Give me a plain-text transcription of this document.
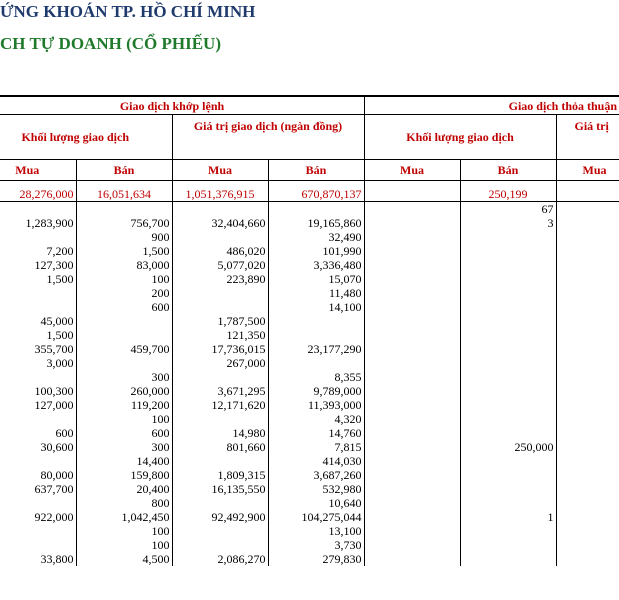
ỨNG KHOÁN TP. HỒ CHÍ MINH
CH TỰ DOANH (CỔ PHIẾU)
	Giao dịch khớp lệnh				Giao dịch thỏa thuận	
Khối lượng giao dịch		Giá trị giao dịch (ngàn đồng)		Khối lượng giao dịch		Giá trị
Mua	Bán	Mua	Bán	Mua	Bán	Mua

28,276,000	16,051,634	1,051,376,915	670,870,137		250,199	
					67	
1,283,900	756,700	32,404,660	19,165,860		3	
	900		32,490			
7,200	1,500	486,020	101,990			
127,300	83,000	5,077,020	3,336,480			
1,500	100	223,890	15,070			
	200		11,480			
	600		14,100			
45,000		1,787,500				
1,500		121,350				
355,700	459,700	17,736,015	23,177,290			
3,000		267,000				
	300		8,355			
100,300	260,000	3,671,295	9,789,000			
127,000	119,200	12,171,620	11,393,000			
	100		4,320			
600	600	14,980	14,760			
30,600	300	801,660	7,815		250,000	
	14,400		414,030			
80,000	159,800	1,809,315	3,687,260			
637,700	20,400	16,135,550	532,980			
	800		10,640			
922,000	1,042,450	92,492,900	104,275,044		1	
	100		13,100			
	100		3,730			
33,800	4,500	2,086,270	279,830			
